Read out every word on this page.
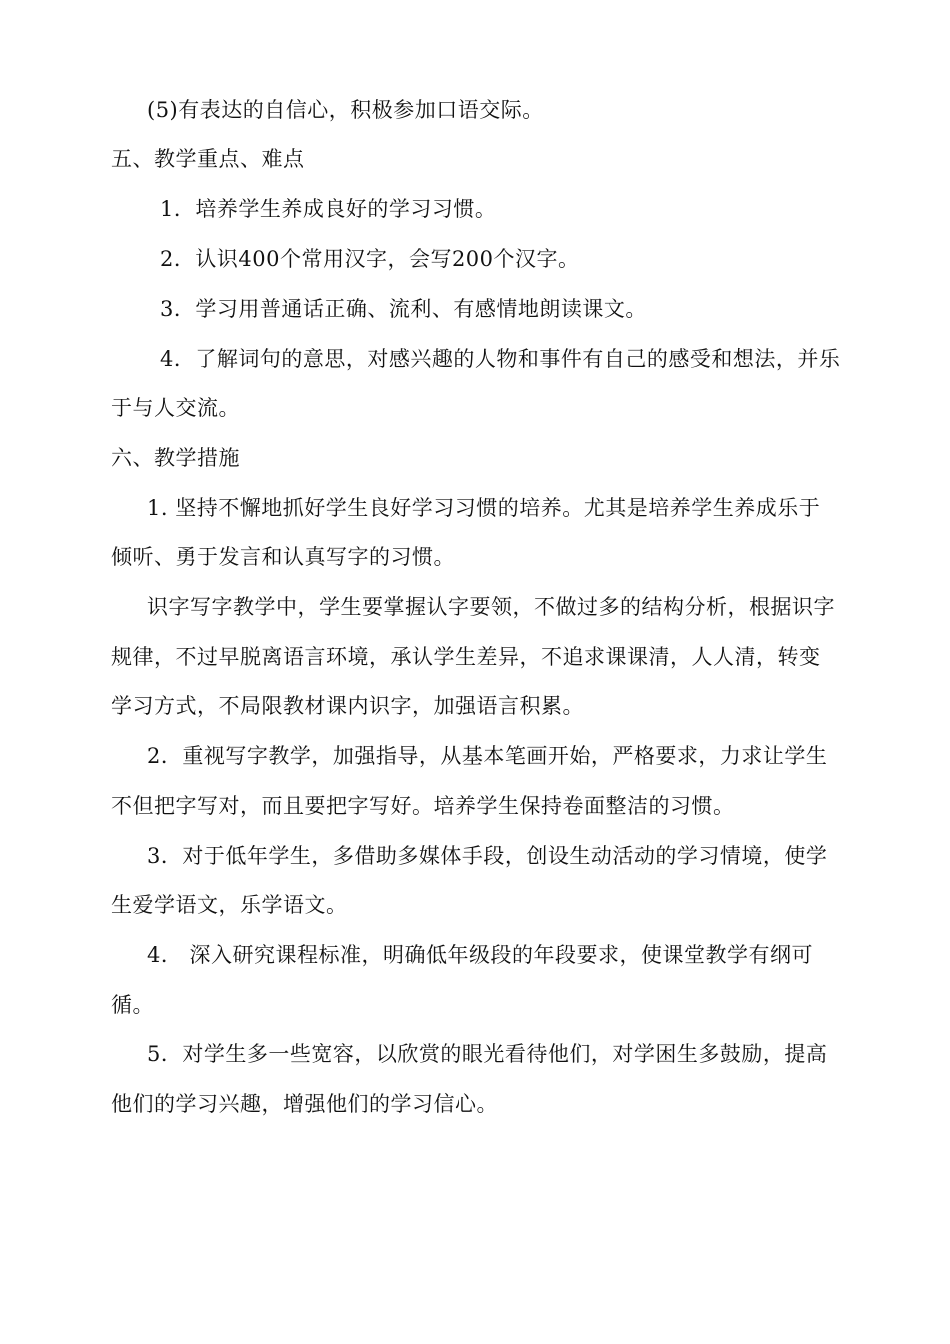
(5)有表达的自信心，积极参加口语交际。
五、教学重点、难点
1．培养学生养成良好的学习习惯。
2．认识400个常用汉字，会写200个汉字。
3．学习用普通话正确、流利、有感情地朗读课文。
4．了解词句的意思，对感兴趣的人物和事件有自己的感受和想法，并乐
于与人交流。
六、教学措施
1. 坚持不懈地抓好学生良好学习习惯的培养。尤其是培养学生养成乐于
倾听、勇于发言和认真写字的习惯。
识字写字教学中，学生要掌握认字要领，不做过多的结构分析，根据识字
规律，不过早脱离语言环境，承认学生差异，不追求课课清，人人清，转变
学习方式，不局限教材课内识字，加强语言积累。
2．重视写字教学，加强指导，从基本笔画开始，严格要求，力求让学生
不但把字写对，而且要把字写好。培养学生保持卷面整洁的习惯。
3．对于低年学生，多借助多媒体手段，创设生动活动的学习情境，使学
生爱学语文，乐学语文。
4． 深入研究课程标准，明确低年级段的年段要求，使课堂教学有纲可
循。
5．对学生多一些宽容，以欣赏的眼光看待他们，对学困生多鼓励，提高
他们的学习兴趣，增强他们的学习信心。
